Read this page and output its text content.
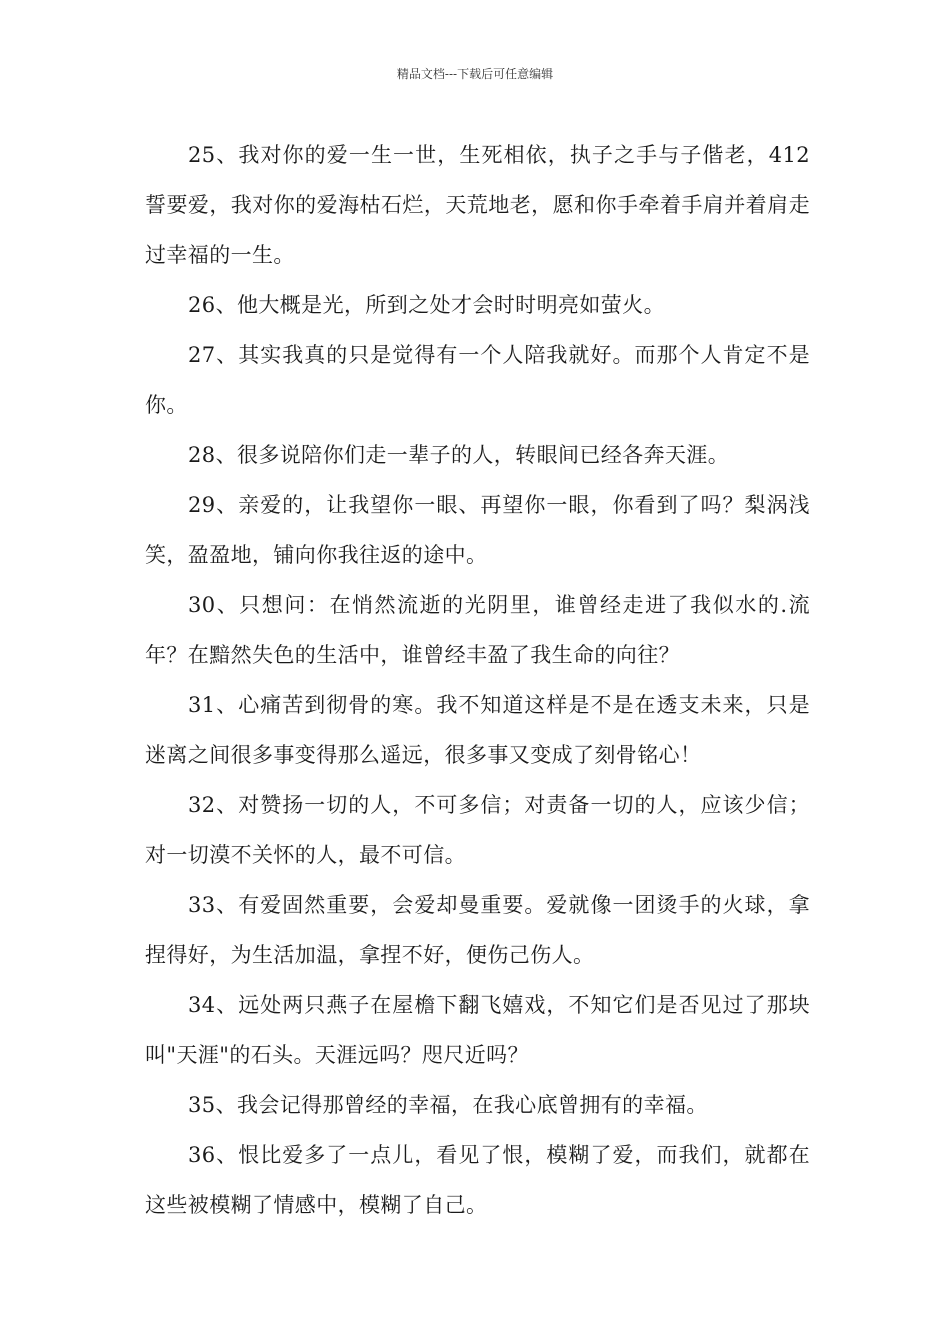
精品文档---下载后可任意编辑

25、我对你的爱一生一世，生死相依，执子之手与子偕老，412誓要爱，我对你的爱海枯石烂，天荒地老，愿和你手牵着手肩并着肩走过幸福的一生。

26、他大概是光，所到之处才会时时明亮如萤火。

27、其实我真的只是觉得有一个人陪我就好。而那个人肯定不是你。

28、很多说陪你们走一辈子的人，转眼间已经各奔天涯。

29、亲爱的，让我望你一眼、再望你一眼，你看到了吗？梨涡浅笑，盈盈地，铺向你我往返的途中。

30、只想问：在悄然流逝的光阴里，谁曾经走进了我似水的.流年？在黯然失色的生活中，谁曾经丰盈了我生命的向往？

31、心痛苦到彻骨的寒。我不知道这样是不是在透支未来，只是迷离之间很多事变得那么遥远，很多事又变成了刻骨铭心！

32、对赞扬一切的人，不可多信；对责备一切的人，应该少信；对一切漠不关怀的人，最不可信。

33、有爱固然重要，会爱却曼重要。爱就像一团烫手的火球，拿捏得好，为生活加温，拿捏不好，便伤己伤人。

34、远处两只燕子在屋檐下翻飞嬉戏，不知它们是否见过了那块叫"天涯"的石头。天涯远吗？咫尺近吗？

35、我会记得那曾经的幸福，在我心底曾拥有的幸福。

36、恨比爱多了一点儿，看见了恨，模糊了爱，而我们，就都在这些被模糊了情感中，模糊了自己。
